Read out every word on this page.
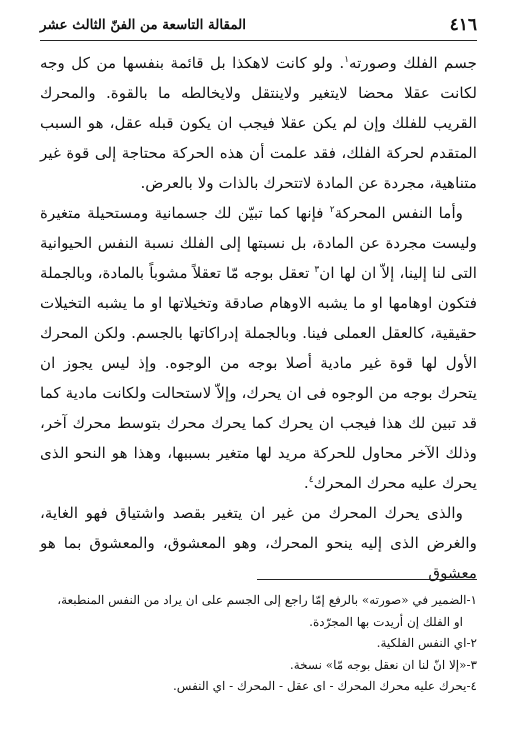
٤١٦
المقالة التاسعة من الفنّ الثالث عشر

جسم الفلك وصورته$^١$. ولو كانت لاهكذا بل قائمة بنفسها من كل وجه لكانت عقلا محضا لايتغير ولاينتقل ولايخالطه ما بالقوة. والمحرك القريب للفلك وإن لم يكن عقلا فيجب ان يكون قبله عقل، هو السبب المتقدم لحركة الفلك، فقد علمت أن هذه الحركة محتاجة إلى قوة غير متناهية، مجردة عن المادة لاتتحرك بالذات ولا بالعرض.

وأما النفس المحركة$^٢$ فإنها كما تبيّن لك جسمانية ومستحيلة متغيرة وليست مجردة عن المادة، بل نسبتها إلى الفلك نسبة النفس الحيوانية التى لنا إلينا، إلاّ ان لها ان$^٣$ تعقل بوجه مّا تعقلاً مشوباً بالمادة، وبالجملة فتكون اوهامها او ما يشبه الاوهام صادقة وتخيلاتها او ما يشبه التخيلات حقيقية، كالعقل العملى فينا. وبالجملة إدراكاتها بالجسم. ولكن المحرك الأول لها قوة غير مادية أصلا بوجه من الوجوه. وإذ ليس يجوز ان يتحرك بوجه من الوجوه فى ان يحرك، وإلاّ لاستحالت ولكانت مادية كما قد تبين لك هذا فيجب ان يحرك كما يحرك محرك بتوسط محرك آخر، وذلك الآخر محاول للحركة مريد لها متغير بسببها، وهذا هو النحو الذى يحرك عليه محرك المحرك$^٤$.

والذى يحرك المحرك من غير ان يتغير بقصد واشتياق فهو الغاية، والغرض الذى إليه ينحو المحرك، وهو المعشوق، والمعشوق بما هو معشوق

١-الضمير في «صورته» بالرفع إمّا راجع إلى الجسم على ان يراد من النفس المنطبعة،

او الفلك إن أريدت بها المجرّدة.

٢-اي النفس الفلكية.

٣-«إلا انّ لنا ان نعقل بوجه مّا» نسخة.

٤-يحرك عليه محرك المحرك - اى عقل - المحرك - اي النفس.
